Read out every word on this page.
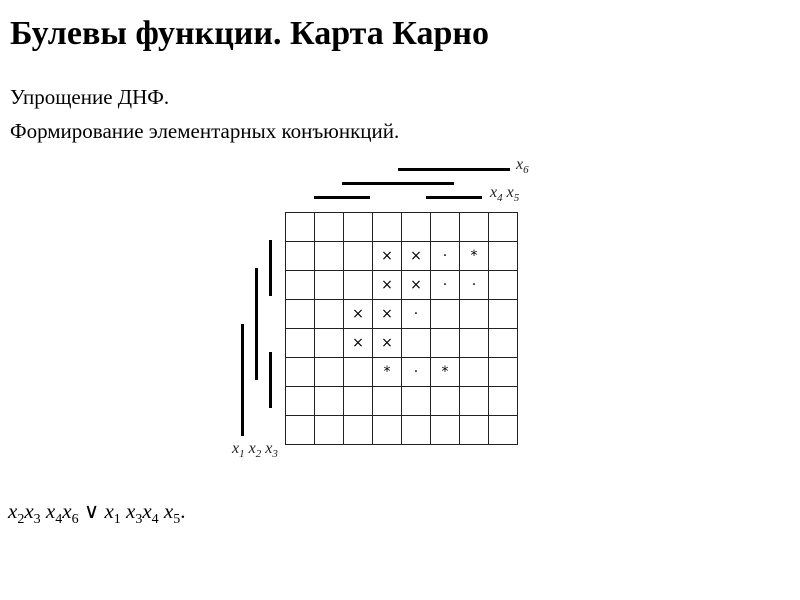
Булевы функции. Карта Карно
Упрощение ДНФ.
Формирование элементарных конъюнкций.
$x_6$
$x_4$ $x_5$
$x_1$ $x_2$ $x_3$

			×	×	·	*	
			×	×	·	·	
		×	×	·			
		×	×				
			*	·	*		

$x_2x_3$ $x_4x_6$ ∨ $x_1$ $x_3x_4$ $x_5$.
